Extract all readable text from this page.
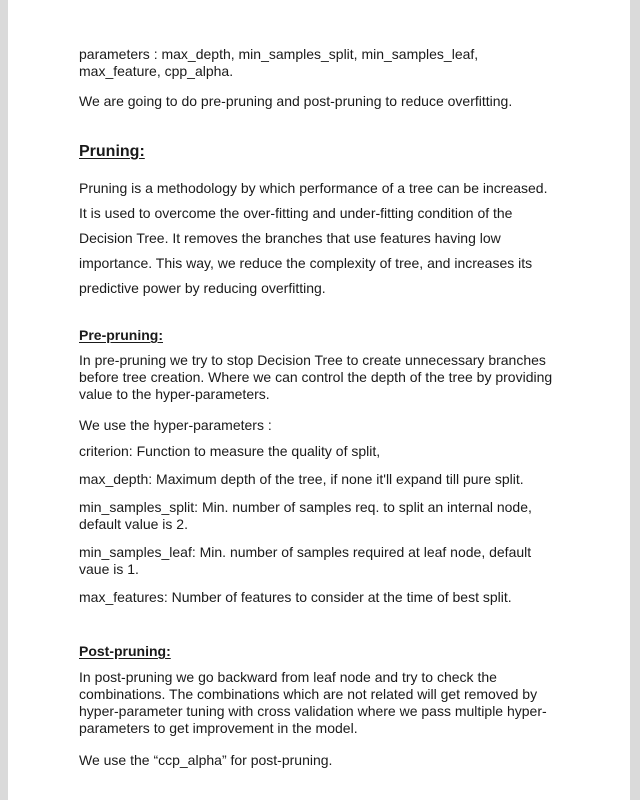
parameters : max_depth, min_samples_split, min_samples_leaf, max_feature, cpp_alpha.

We are going to do pre-pruning and post-pruning to reduce overfitting.

Pruning:

Pruning is a methodology by which performance of a tree can be increased. It is used to overcome the over-fitting and under-fitting condition of the Decision Tree. It removes the branches that use features having low importance. This way, we reduce the complexity of tree, and increases its predictive power by reducing overfitting.

Pre-pruning:

In pre-pruning we try to stop Decision Tree to create unnecessary branches before tree creation. Where we can control the depth of the tree by providing value to the hyper-parameters.

We use the hyper-parameters :

criterion: Function to measure the quality of split,

max_depth: Maximum depth of the tree, if none it'll expand till pure split.

min_samples_split: Min. number of samples req. to split an internal node, default value is 2.

min_samples_leaf: Min. number of samples required at leaf node, default vaue is 1.

max_features: Number of features to consider at the time of best split.

Post-pruning:

In post-pruning we go backward from leaf node and try to check the combinations. The combinations which are not related will get removed by hyper-parameter tuning with cross validation where we pass multiple hyper-parameters to get improvement in the model.

We use the “ccp_alpha” for post-pruning.
